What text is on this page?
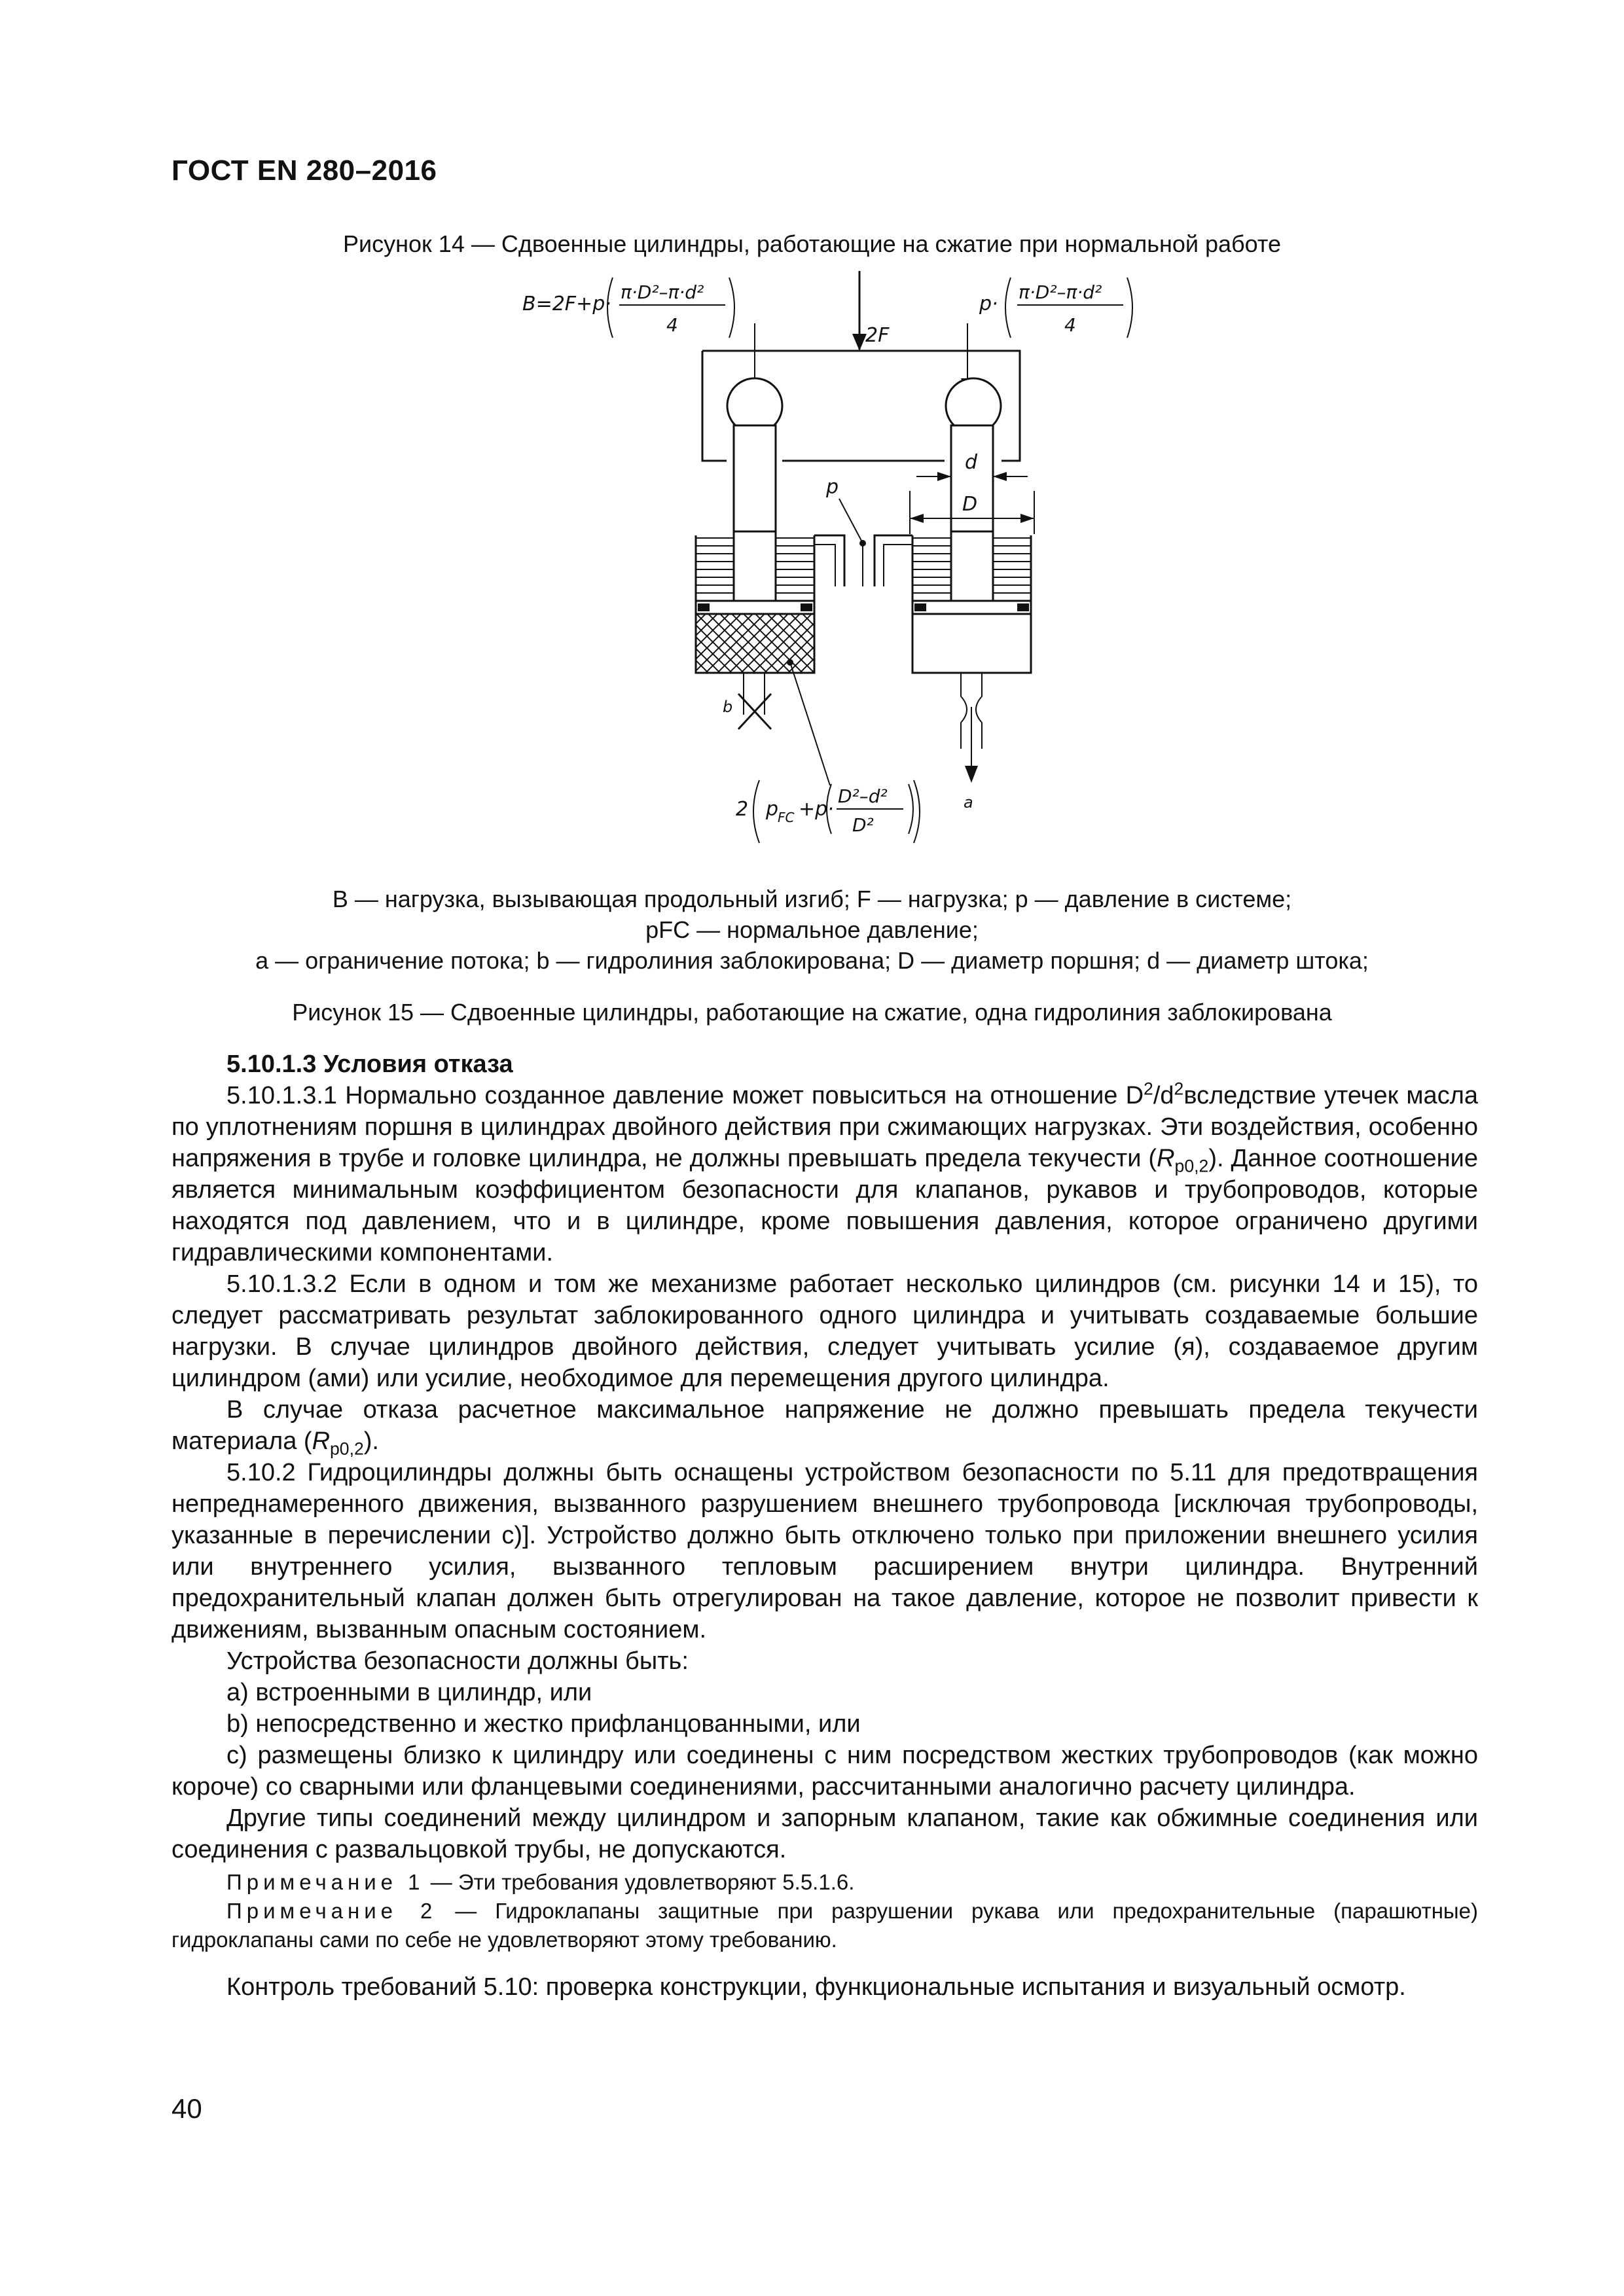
ГОСТ EN 280–2016
Рисунок 14 — Сдвоенные цилиндры, работающие на сжатие при нормальной работе
B=2F+p·
π·D²–π·d²
4
p·
π·D²–π·d²
4
2F
d
D
p
b
a
2 p
FC +p·
D²–d²
D²
B — нагрузка, вызывающая продольный изгиб; F — нагрузка; p — давление в системе;
pFC — нормальное давление;
a — ограничение потока; b — гидролиния заблокирована; D — диаметр поршня; d — диаметр штока;
Рисунок 15 — Сдвоенные цилиндры, работающие на сжатие, одна гидролиния заблокирована

5.10.1.3 Условия отказа

5.10.1.3.1 Нормально созданное давление может повыситься на отношение $D^2/d^2вследствие$ утечек масла по уплотнениям поршня в цилиндрах двойного действия при сжимающих нагрузках. Эти воздействия, особенно напряжения в трубе и головке цилиндра, не должны превышать предела текучести $(R_{p0,2})$. Данное соотношение является минимальным коэффициентом безопасности для клапанов, рукавов и трубопроводов, которые находятся под давлением, что и в цилиндре, кроме повышения давления, которое ограничено другими гидравлическими компонентами.

5.10.1.3.2 Если в одном и том же механизме работает несколько цилиндров (см. рисунки 14 и 15), то следует рассматривать результат заблокированного одного цилиндра и учитывать создаваемые большие нагрузки. В случае цилиндров двойного действия, следует учитывать усилие (я), создаваемое другим цилиндром (ами) или усилие, необходимое для перемещения другого цилиндра.

В случае отказа расчетное максимальное напряжение не должно превышать предела текучести материала $(R_{p0,2})$.

5.10.2 Гидроцилиндры должны быть оснащены устройством безопасности по 5.11 для предотвращения непреднамеренного движения, вызванного разрушением внешнего трубопровода [исключая трубопроводы, указанные в перечислении с)]. Устройство должно быть отключено только при приложении внешнего усилия или внутреннего усилия, вызванного тепловым расширением внутри цилиндра. Внутренний предохранительный клапан должен быть отрегулирован на такое давление, которое не позволит привести к движениям, вызванным опасным состоянием.

Устройства безопасности должны быть:

a) встроенными в цилиндр, или

b) непосредственно и жестко прифланцованными, или

c) размещены близко к цилиндру или соединены с ним посредством жестких трубопроводов (как можно короче) со сварными или фланцевыми соединениями, рассчитанными аналогично расчету цилиндра.

Другие типы соединений между цилиндром и запорным клапаном, такие как обжимные соединения или соединения с развальцовкой трубы, не допускаются.

Примечание 1 — Эти требования удовлетворяют 5.5.1.6.

Примечание 2 — Гидроклапаны защитные при разрушении рукава или предохранительные (парашютные) гидроклапаны сами по себе не удовлетворяют этому требованию.

Контроль требований 5.10: проверка конструкции, функциональные испытания и визуальный осмотр.

40
